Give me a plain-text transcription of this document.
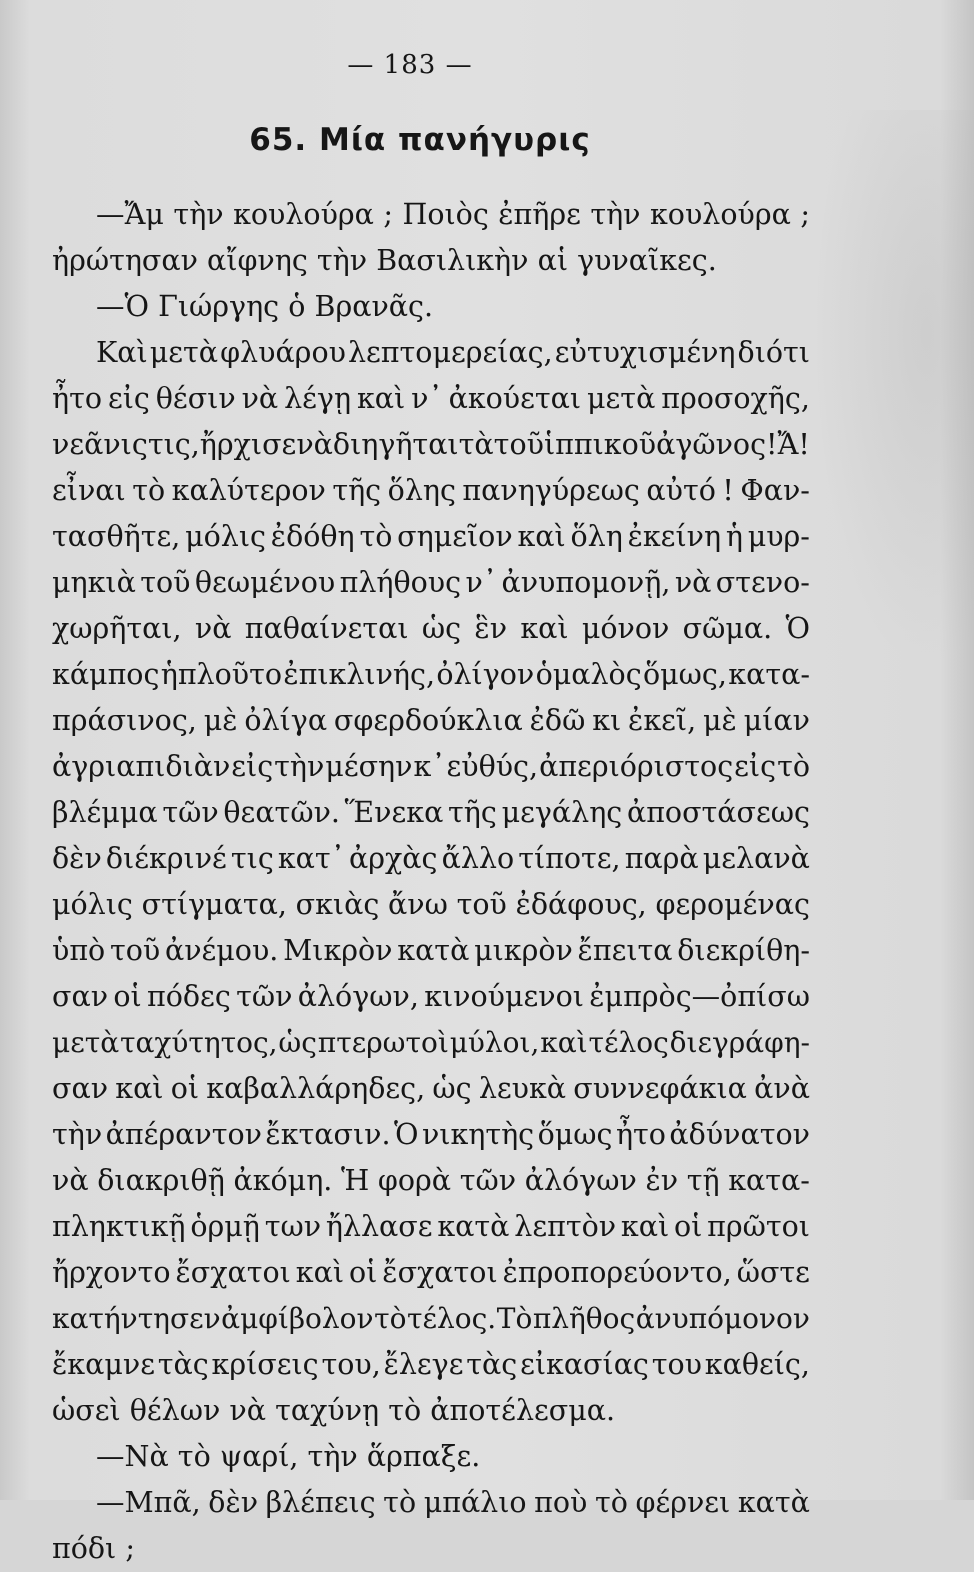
— 183 —
65. Μία πανήγυρις
—Ἄμ τὴν κουλούρα ; Ποιὸς ἐπῆρε τὴν κουλούρα ;
ἠρώτησαν αἴφνης τὴν Βασιλικὴν αἱ γυναῖκες.
—Ὁ Γιώργης ὁ Βρανᾶς.
Καὶ μετὰ φλυάρου λεπτομερείας, εὐτυχισμένη διότι
ἦτο εἰς θέσιν νὰ λέγῃ καὶ ν᾽ ἀκούεται μετὰ προσοχῆς,
νεᾶνις τις,ἤρχισε νὰ διηγῆται τὰ τοῦ ἱππικοῦ ἀγῶνος! Ἄ!
εἶναι τὸ καλύτερον τῆς ὅλης πανηγύρεως αὐτό ! Φαν-
τασθῆτε, μόλις ἐδόθη τὸ σημεῖον καὶ ὅλη ἐκείνη ἡ μυρ-
μηκιὰ τοῦ θεωμένου πλήθους ν᾽ ἀνυπομονῇ, νὰ στενο-
χωρῆται, νὰ παθαίνεται ὡς ἓν καὶ μόνον σῶμα. Ὁ
κάμπος ἡπλοῦτο ἐπικλινής, ὀλίγον ὁμαλὸς ὅμως, κατα-
πράσινος, μὲ ὀλίγα σφερδούκλια ἐδῶ κι ἐκεῖ, μὲ μίαν
ἀγριαπιδιὰν εἰς τὴν μέσην κ᾽ εὐθύς, ἀπεριόριστος εἰς τὸ
βλέμμα τῶν θεατῶν. Ἕνεκα τῆς μεγάλης ἀποστάσεως
δὲν διέκρινέ τις κατ᾽ ἀρχὰς ἄλλο τίποτε, παρὰ μελανὰ
μόλις στίγματα, σκιὰς ἄνω τοῦ ἐδάφους, φερομένας
ὑπὸ τοῦ ἀνέμου. Μικρὸν κατὰ μικρὸν ἔπειτα διεκρίθη-
σαν οἱ πόδες τῶν ἀλόγων, κινούμενοι ἐμπρὸς—ὀπίσω
μετὰ ταχύτητος, ὡς πτερωτοὶ μύλοι, καὶ τέλος διεγράφη-
σαν καὶ οἱ καβαλλάρηδες, ὡς λευκὰ συννεφάκια ἀνὰ
τὴν ἀπέραντον ἔκτασιν. Ὁ νικητὴς ὅμως ἦτο ἀδύνατον
νὰ διακριθῇ ἀκόμη. Ἡ φορὰ τῶν ἀλόγων ἐν τῇ κατα-
πληκτικῇ ὁρμῇ των ἤλλασε κατὰ λεπτὸν καὶ οἱ πρῶτοι
ἤρχοντο ἔσχατοι καὶ οἱ ἔσχατοι ἐπροπορεύοντο, ὥστε
κατήντησεν ἀμφίβολον τὸ τέλος. Τὸ πλῆθος ἀνυπόμονον
ἔκαμνε τὰς κρίσεις του, ἔλεγε τὰς εἰκασίας του καθείς,
ὡσεὶ θέλων νὰ ταχύνῃ τὸ ἀποτέλεσμα.
—Νὰ τὸ ψαρί, τὴν ἅρπαξε.
—Μπᾶ, δὲν βλέπεις τὸ μπάλιο ποὺ τὸ φέρνει κατὰ
πόδι ;
